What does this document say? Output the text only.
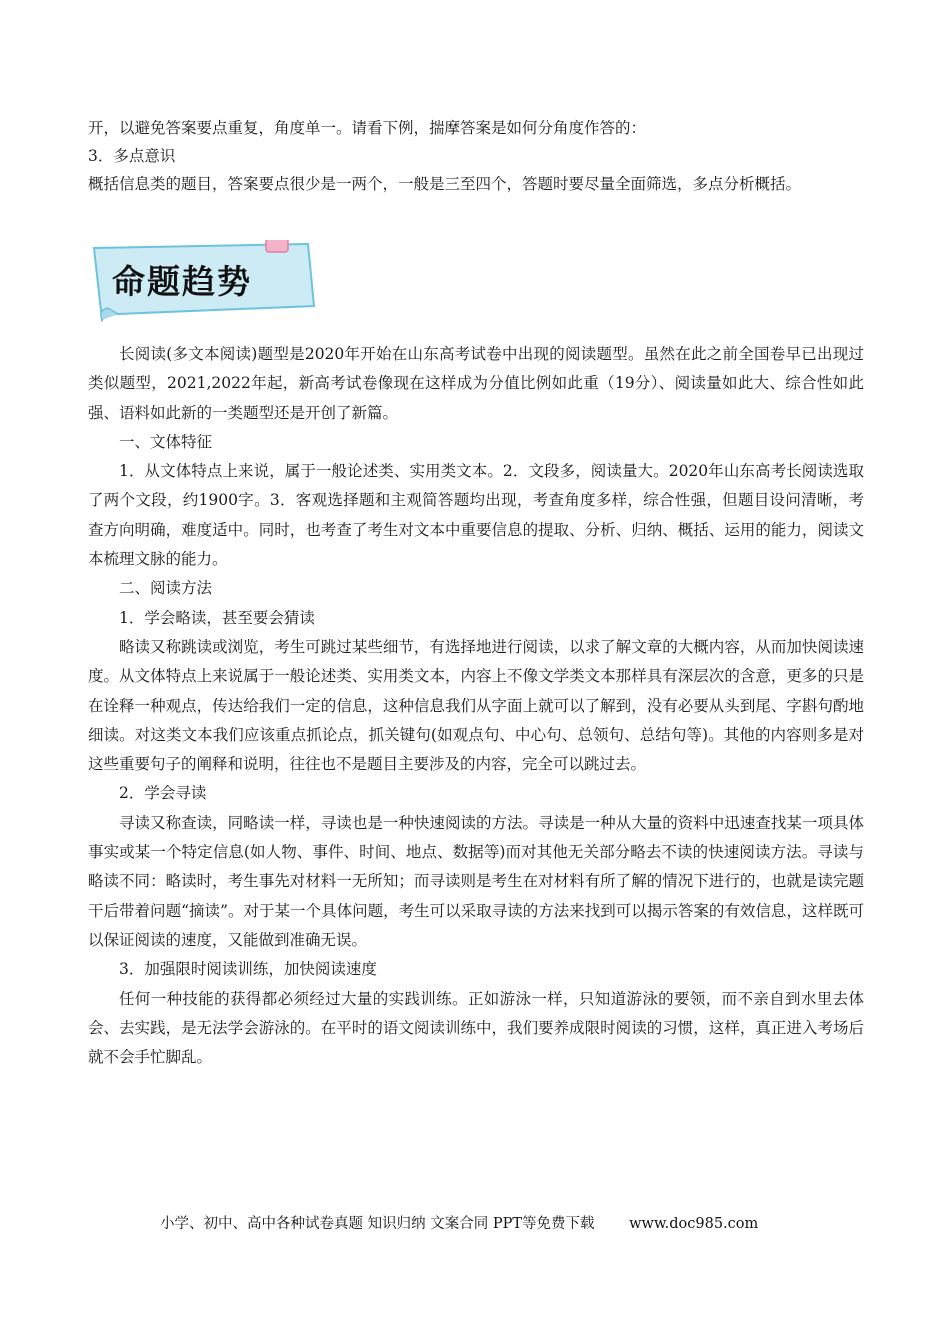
开，以避免答案要点重复，角度单一。请看下例，揣摩答案是如何分角度作答的：
3．多点意识
概括信息类的题目，答案要点很少是一两个，一般是三至四个，答题时要尽量全面筛选，多点分析概括。
命题趋势
长阅读(多文本阅读)题型是2020年开始在山东高考试卷中出现的阅读题型。虽然在此之前全国卷早已出现过类似题型，2021,2022年起，新高考试卷像现在这样成为分值比例如此重（19分）、阅读量如此大、综合性如此强、语料如此新的一类题型还是开创了新篇。
一、文体特征
1．从文体特点上来说，属于一般论述类、实用类文本。2．文段多，阅读量大。2020年山东高考长阅读选取了两个文段，约1900字。3．客观选择题和主观简答题均出现，考查角度多样，综合性强，但题目设问清晰，考查方向明确，难度适中。同时，也考查了考生对文本中重要信息的提取、分析、归纳、概括、运用的能力，阅读文本梳理文脉的能力。
二、阅读方法
1．学会略读，甚至要会猜读
略读又称跳读或浏览，考生可跳过某些细节，有选择地进行阅读，以求了解文章的大概内容，从而加快阅读速度。从文体特点上来说属于一般论述类、实用类文本，内容上不像文学类文本那样具有深层次的含意，更多的只是在诠释一种观点，传达给我们一定的信息，这种信息我们从字面上就可以了解到，没有必要从头到尾、字斟句酌地细读。对这类文本我们应该重点抓论点，抓关键句(如观点句、中心句、总领句、总结句等)。其他的内容则多是对这些重要句子的阐释和说明，往往也不是题目主要涉及的内容，完全可以跳过去。
2．学会寻读
寻读又称查读，同略读一样，寻读也是一种快速阅读的方法。寻读是一种从大量的资料中迅速查找某一项具体事实或某一个特定信息(如人物、事件、时间、地点、数据等)而对其他无关部分略去不读的快速阅读方法。寻读与略读不同：略读时，考生事先对材料一无所知；而寻读则是考生在对材料有所了解的情况下进行的，也就是读完题干后带着问题“摘读”。对于某一个具体问题，考生可以采取寻读的方法来找到可以揭示答案的有效信息，这样既可以保证阅读的速度，又能做到准确无误。
3．加强限时阅读训练，加快阅读速度
任何一种技能的获得都必须经过大量的实践训练。正如游泳一样，只知道游泳的要领，而不亲自到水里去体会、去实践，是无法学会游泳的。在平时的语文阅读训练中，我们要养成限时阅读的习惯，这样，真正进入考场后就不会手忙脚乱。
小学、初中、高中各种试卷真题 知识归纳 文案合同 PPT等免费下载 www.doc985.com
